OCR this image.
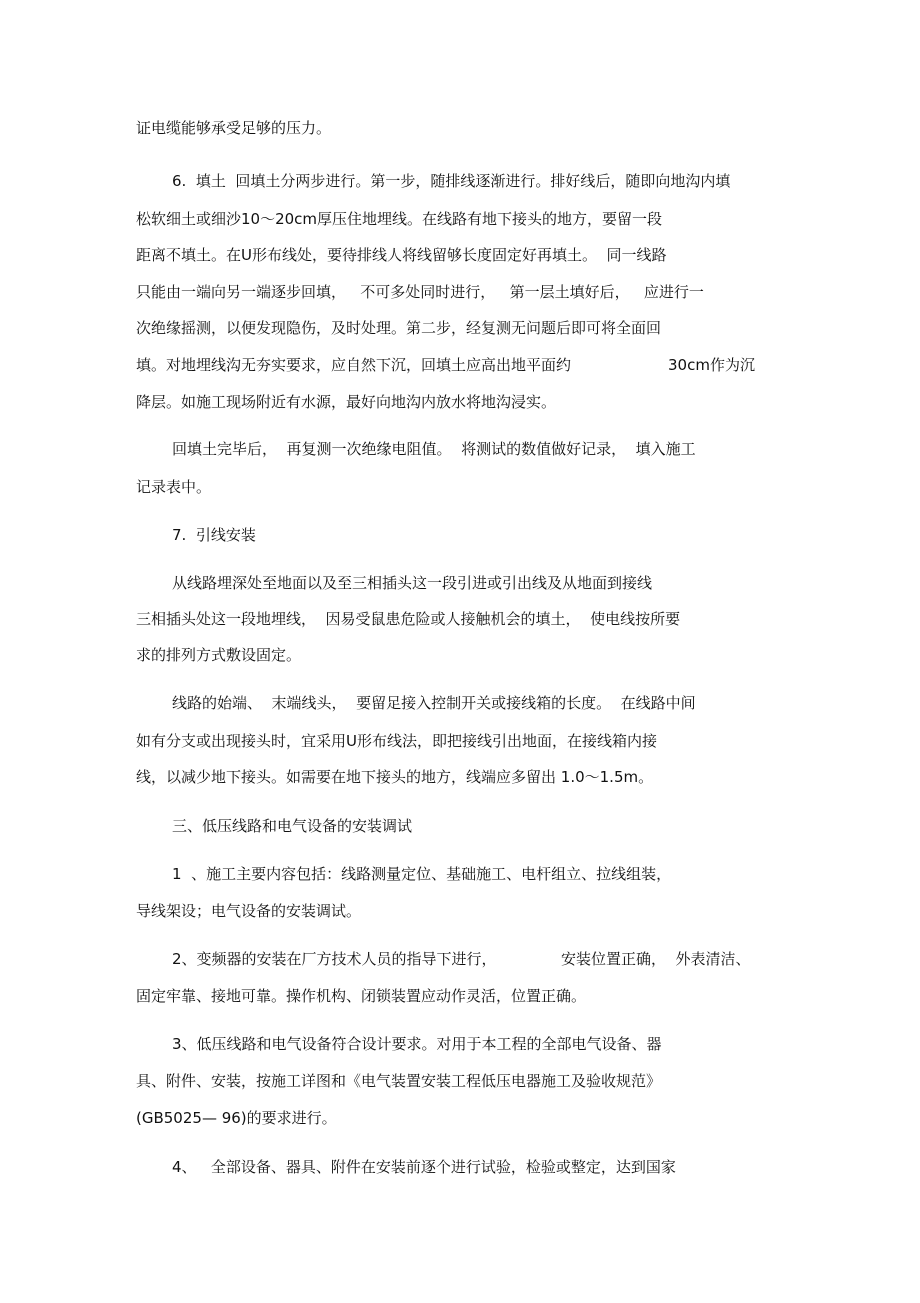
证电缆能够承受足够的压力。

6.  填土  回填土分两步进行。第一步，随排线逐渐进行。排好线后，随即向地沟内填

松软细土或细沙10～20cm厚压住地埋线。在线路有地下接头的地方，要留一段

距离不填土。在U形布线处，要待排线人将线留够长度固定好再填土。  同一线路

只能由一端向另一端逐步回填，   不可多处同时进行，   第一层土填好后，   应进行一

次绝缘摇测，以便发现隐伤，及时处理。第二步，经复测无问题后即可将全面回

填。对地埋线沟无夯实要求，应自然下沉，回填土应高出地平面约	30cm作为沉

降层。如施工现场附近有水源，最好向地沟内放水将地沟浸实。

回填土完毕后，  再复测一次绝缘电阻值。  将测试的数值做好记录，  填入施工

记录表中。

7.  引线安装

从线路埋深处至地面以及至三相插头这一段引进或引出线及从地面到接线

三相插头处这一段地埋线，  因易受鼠患危险或人接触机会的填土，  使电线按所要

求的排列方式敷设固定。

线路的始端、  末端线头，  要留足接入控制开关或接线箱的长度。  在线路中间

如有分支或出现接头时，宜采用U形布线法，即把接线引出地面，在接线箱内接

线，以减少地下接头。如需要在地下接头的地方，线端应多留出 1.0～1.5m。

三、低压线路和电气设备的安装调试

1  、施工主要内容包括：线路测量定位、基础施工、电杆组立、拉线组装，

导线架设；电气设备的安装调试。

2、变频器的安装在厂方技术人员的指导下进行，	安装位置正确，  外表清洁、

固定牢靠、接地可靠。操作机构、闭锁装置应动作灵活，位置正确。

3、低压线路和电气设备符合设计要求。对用于本工程的全部电气设备、器

具、附件、安装，按施工详图和《电气装置安装工程低压电器施工及验收规范》

(GB5025— 96)的要求进行。

4、   全部设备、器具、附件在安装前逐个进行试验，检验或整定，达到国家
